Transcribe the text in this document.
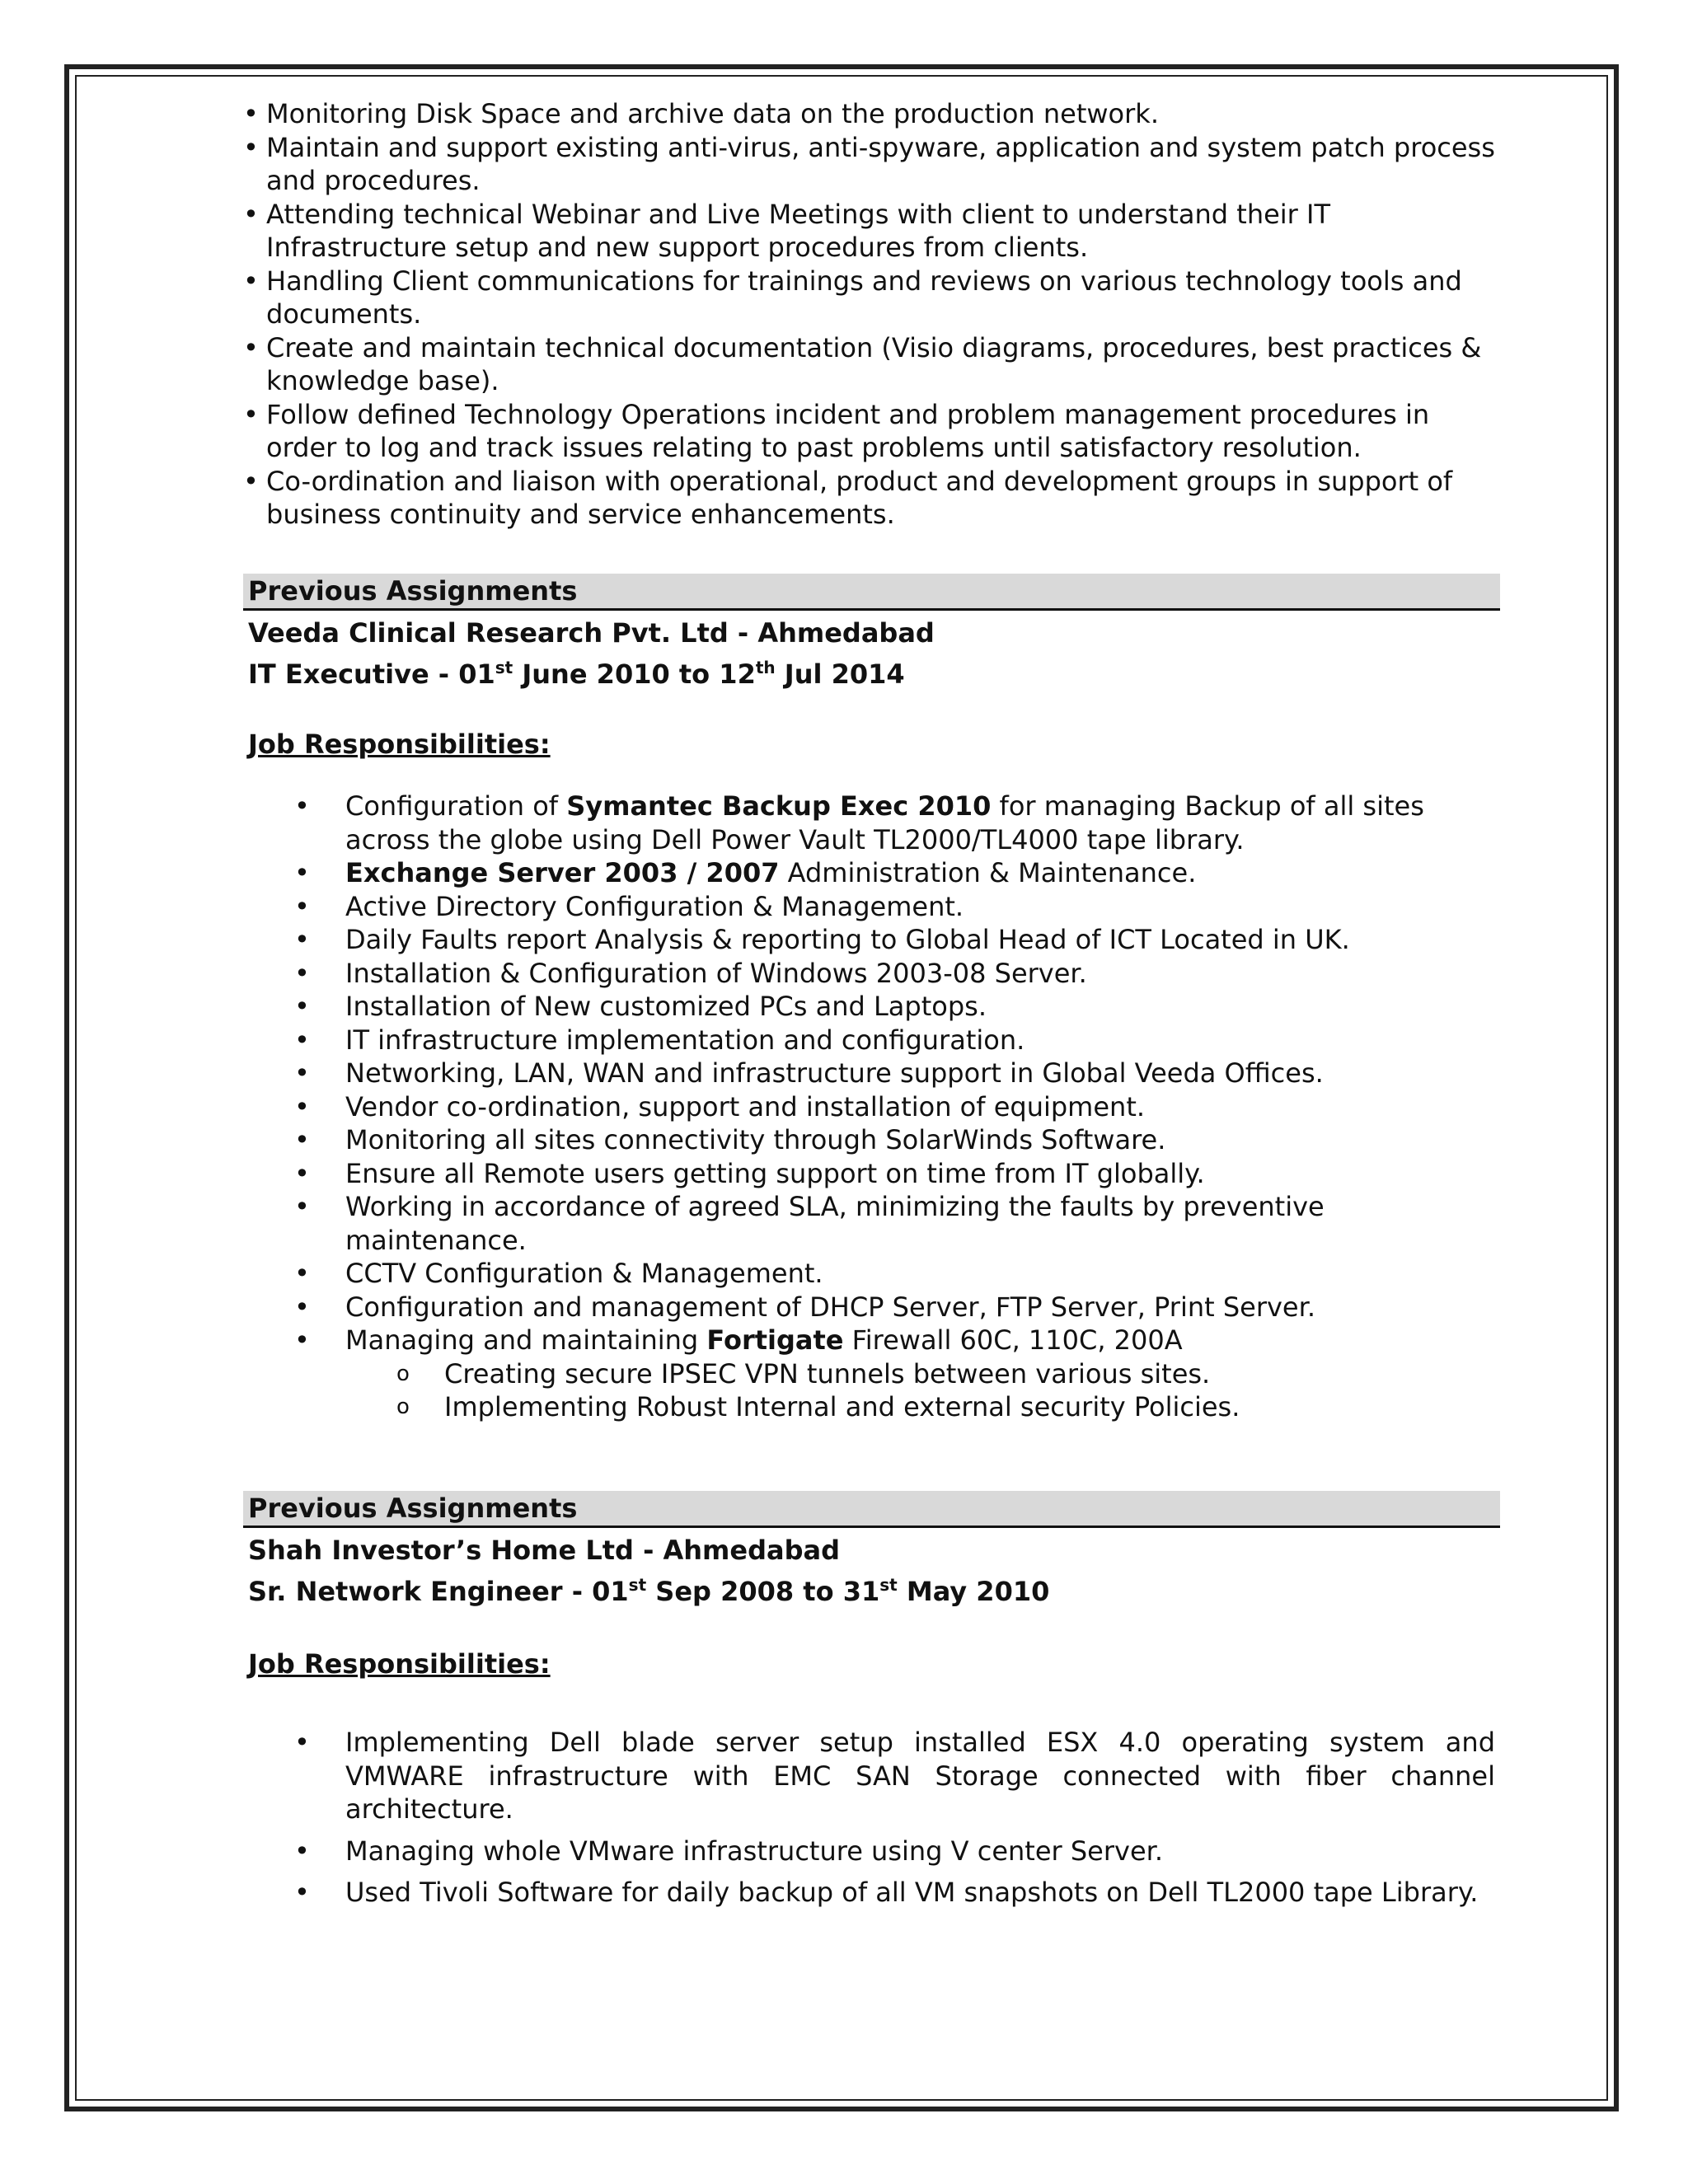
• Monitoring Disk Space and archive data on the production network.
• Maintain and support existing anti-virus, anti-spyware, application and system patch process and procedures.
• Attending technical Webinar and Live Meetings with client to understand their IT Infrastructure setup and new support procedures from clients.
• Handling Client communications for trainings and reviews on various technology tools and documents.
• Create and maintain technical documentation (Visio diagrams, procedures, best practices & knowledge base).
• Follow defined Technology Operations incident and problem management procedures in order to log and track issues relating to past problems until satisfactory resolution.
• Co-ordination and liaison with operational, product and development groups in support of business continuity and service enhancements.
Previous Assignments
Veeda Clinical Research Pvt. Ltd - Ahmedabad
IT Executive - 01st June 2010 to 12th Jul 2014
Job Responsibilities:
• Configuration of Symantec Backup Exec 2010 for managing Backup of all sites across the globe using Dell Power Vault TL2000/TL4000 tape library.
• Exchange Server 2003 / 2007 Administration & Maintenance.
• Active Directory Configuration & Management.
• Daily Faults report Analysis & reporting to Global Head of ICT Located in UK.
• Installation & Configuration of Windows 2003-08 Server.
• Installation of New customized PCs and Laptops.
• IT infrastructure implementation and configuration.
• Networking, LAN, WAN and infrastructure support in Global Veeda Offices.
• Vendor co-ordination, support and installation of equipment.
• Monitoring all sites connectivity through SolarWinds Software.
• Ensure all Remote users getting support on time from IT globally.
• Working in accordance of agreed SLA, minimizing the faults by preventive maintenance.
• CCTV Configuration & Management.
• Configuration and management of DHCP Server, FTP Server, Print Server.
• Managing and maintaining Fortigate Firewall 60C, 110C, 200A
o Creating secure IPSEC VPN tunnels between various sites.
o Implementing Robust Internal and external security Policies.
Previous Assignments
Shah Investor’s Home Ltd - Ahmedabad
Sr. Network Engineer - 01st Sep 2008 to 31st May 2010
Job Responsibilities:
• Implementing Dell blade server setup installed ESX 4.0 operating system and VMWARE infrastructure with EMC SAN Storage connected with fiber channel architecture.
• Managing whole VMware infrastructure using V center Server.
• Used Tivoli Software for daily backup of all VM snapshots on Dell TL2000 tape Library.
